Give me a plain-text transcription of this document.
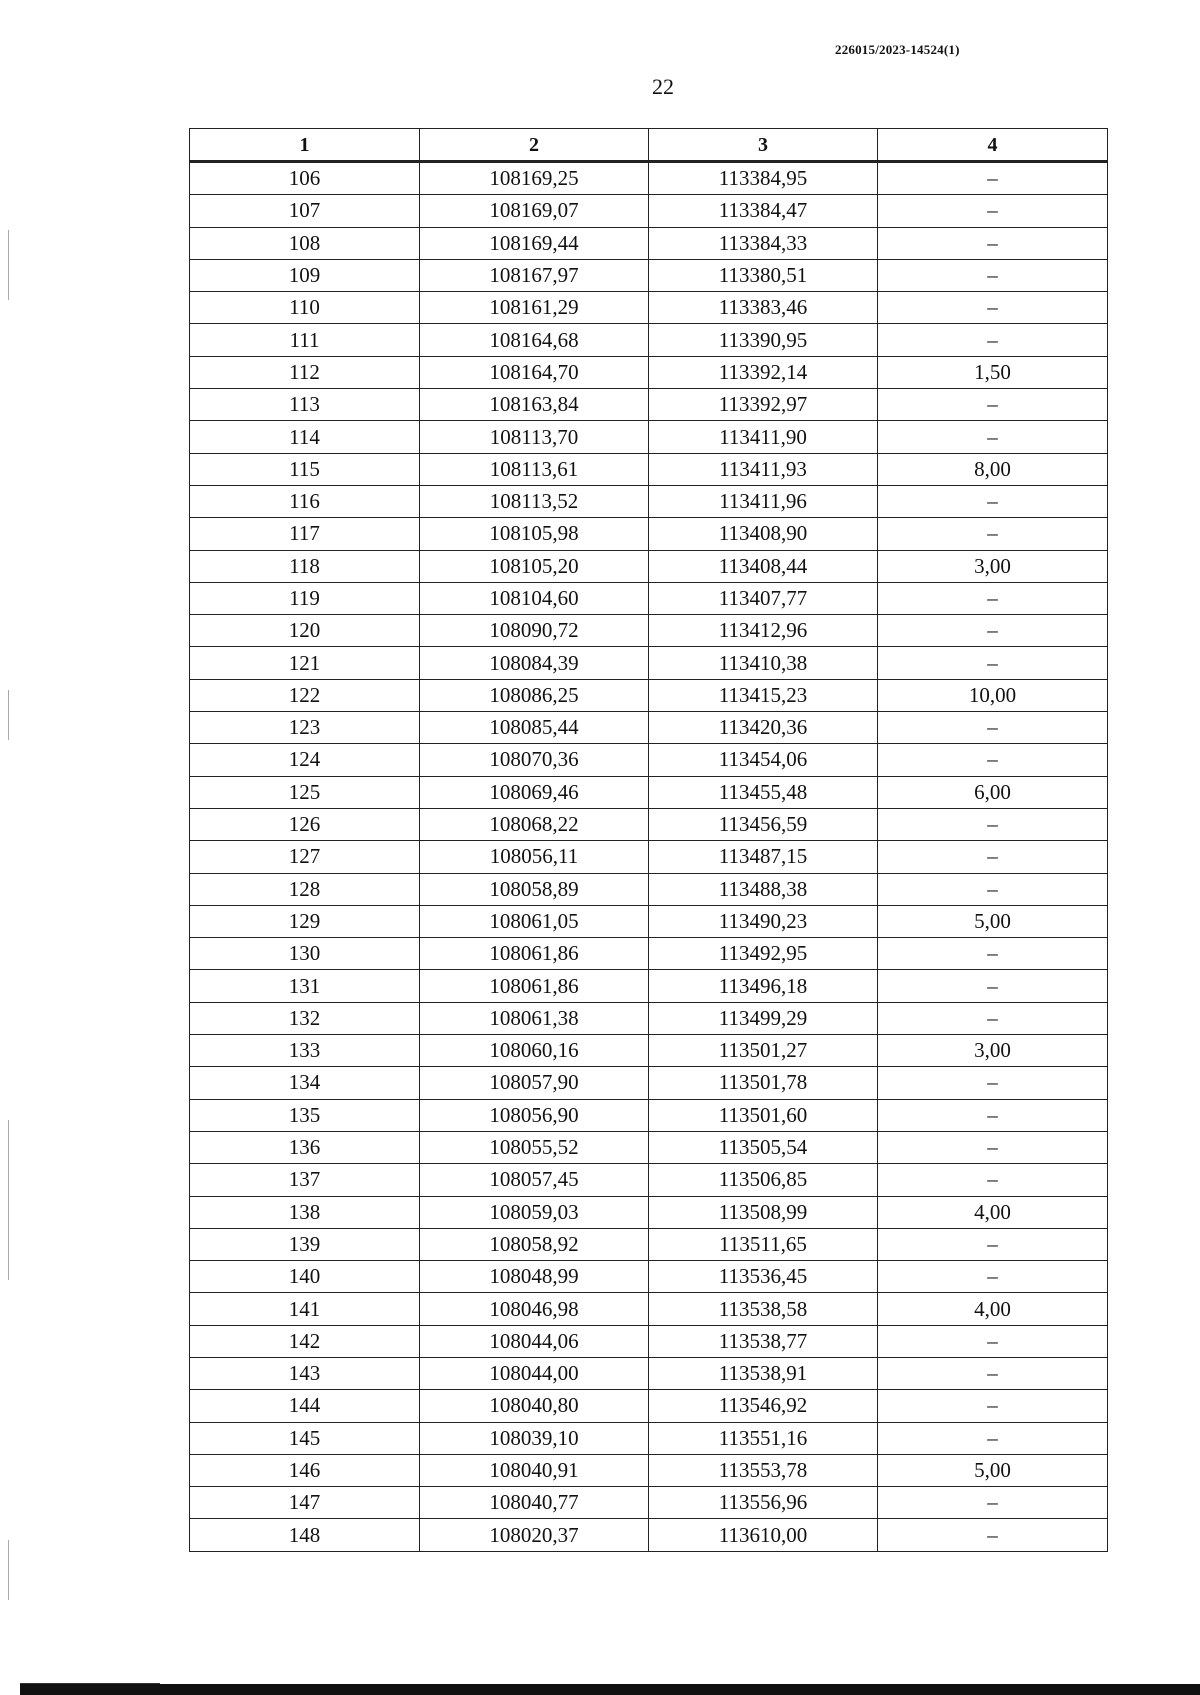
226015/2023-14524(1)
22
1	2	3	4
106	108169,25	113384,95	–
107	108169,07	113384,47	–
108	108169,44	113384,33	–
109	108167,97	113380,51	–
110	108161,29	113383,46	–
111	108164,68	113390,95	–
112	108164,70	113392,14	1,50
113	108163,84	113392,97	–
114	108113,70	113411,90	–
115	108113,61	113411,93	8,00
116	108113,52	113411,96	–
117	108105,98	113408,90	–
118	108105,20	113408,44	3,00
119	108104,60	113407,77	–
120	108090,72	113412,96	–
121	108084,39	113410,38	–
122	108086,25	113415,23	10,00
123	108085,44	113420,36	–
124	108070,36	113454,06	–
125	108069,46	113455,48	6,00
126	108068,22	113456,59	–
127	108056,11	113487,15	–
128	108058,89	113488,38	–
129	108061,05	113490,23	5,00
130	108061,86	113492,95	–
131	108061,86	113496,18	–
132	108061,38	113499,29	–
133	108060,16	113501,27	3,00
134	108057,90	113501,78	–
135	108056,90	113501,60	–
136	108055,52	113505,54	–
137	108057,45	113506,85	–
138	108059,03	113508,99	4,00
139	108058,92	113511,65	–
140	108048,99	113536,45	–
141	108046,98	113538,58	4,00
142	108044,06	113538,77	–
143	108044,00	113538,91	–
144	108040,80	113546,92	–
145	108039,10	113551,16	–
146	108040,91	113553,78	5,00
147	108040,77	113556,96	–
148	108020,37	113610,00	–
